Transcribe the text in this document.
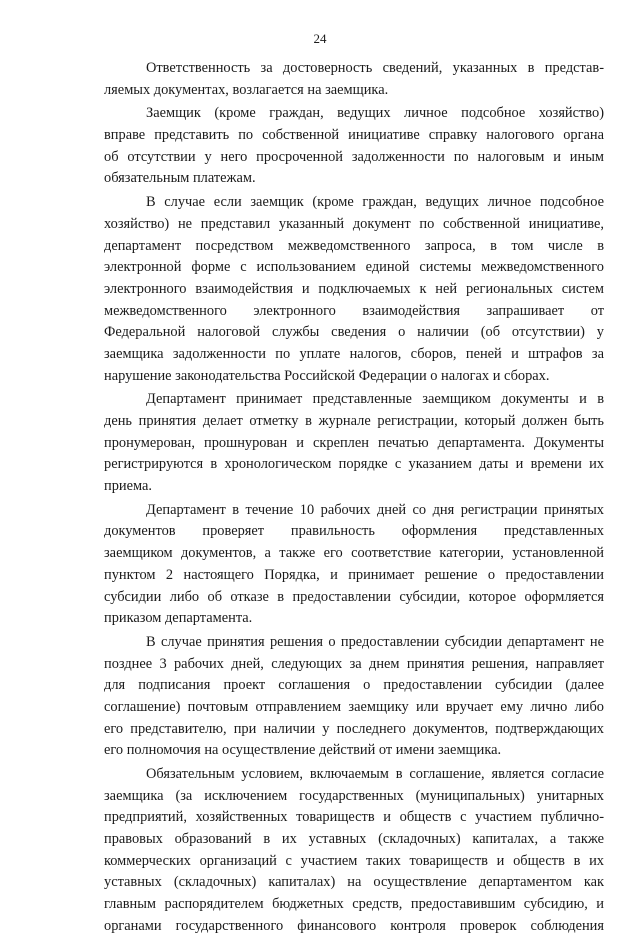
24
Ответственность за достоверность сведений, указанных в представ-
ляемых документах, возлагается на заемщика.
Заемщик (кроме граждан, ведущих личное подсобное хозяйство)
вправе представить по собственной инициативе справку налогового органа
об отсутствии у него просроченной задолженности по налоговым и иным
обязательным платежам.
В случае если заемщик (кроме граждан, ведущих личное подсобное
хозяйство) не представил указанный документ по собственной инициативе,
департамент посредством межведомственного запроса, в том числе в
электронной форме с использованием единой системы межведомственного
электронного взаимодействия и подключаемых к ней региональных систем
межведомственного электронного взаимодействия запрашивает от
Федеральной налоговой службы сведения о наличии (об отсутствии) у
заемщика задолженности по уплате налогов, сборов, пеней и штрафов за
нарушение законодательства Российской Федерации о налогах и сборах.
Департамент принимает представленные заемщиком документы и в
день принятия делает отметку в журнале регистрации, который должен быть
пронумерован, прошнурован и скреплен печатью департамента. Документы
регистрируются в хронологическом порядке с указанием даты и времени их
приема.
Департамент в течение 10 рабочих дней со дня регистрации принятых
документов проверяет правильность оформления представленных
заемщиком документов, а также его соответствие категории, установленной
пунктом 2 настоящего Порядка, и принимает решение о предоставлении
субсидии либо об отказе в предоставлении субсидии, которое оформляется
приказом департамента.
В случае принятия решения о предоставлении субсидии департамент не
позднее 3 рабочих дней, следующих за днем принятия решения, направляет
для подписания проект соглашения о предоставлении субсидии (далее
соглашение) почтовым отправлением заемщику или вручает ему лично либо
его представителю, при наличии у последнего документов, подтверждающих
его полномочия на осуществление действий от имени заемщика.
Обязательным условием, включаемым в соглашение, является согласие
заемщика (за исключением государственных (муниципальных) унитарных
предприятий, хозяйственных товариществ и обществ с участием публично-
правовых образований в их уставных (складочных) капиталах, а также
коммерческих организаций с участием таких товариществ и обществ в их
уставных (складочных) капиталах) на осуществление департаментом как
главным распорядителем бюджетных средств, предоставившим субсидию, и
органами государственного финансового контроля проверок соблюдения
